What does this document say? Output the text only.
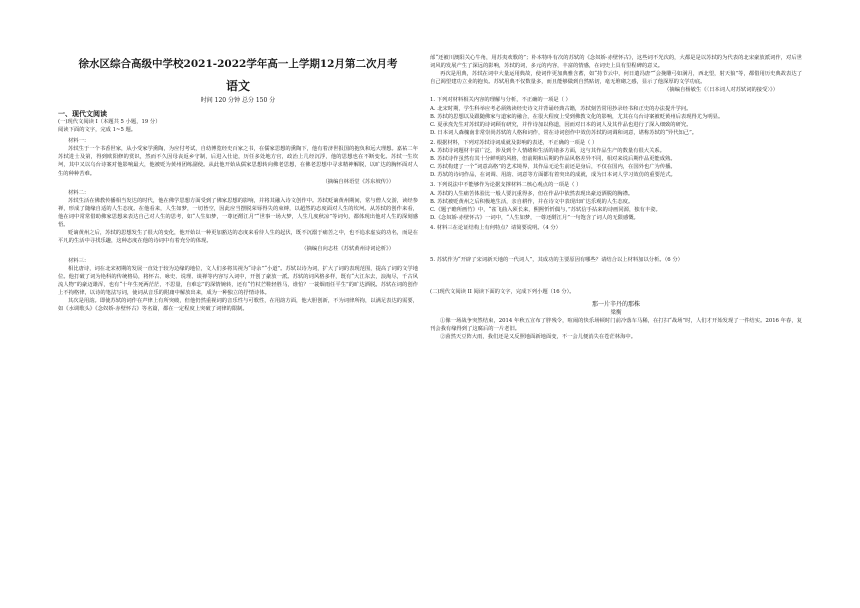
徐水区综合高级中学校2021-2022学年高一上学期12月第二次月考
语文
时间 120 分钟 总分 150 分
一、现代文阅读

(一)现代文阅读 I（本题共 5 小题，19 分）

阅读下面的文字，完成 1~5 题。

材料一：

苏轼生于一个书香世家，从小受家学熏陶，为应付考试，自幼博览经史百家之书，在儒家思想的熏陶下，他有着济世报国的抱负和远大理想。嘉祐二年苏轼进士及第，得到欧阳修的赏识，然而不久因母丧返乡守制，后进入仕途，历任多处地方官，政治上几经沉浮，他的思想也在不断变化。苏轼一生坎坷，其中又以乌台诗案对他影响最大，他被贬为黄州团练副使。从此他开始从儒家思想转向佛老思想，在佛老思想中寻求精神解脱，以旷达的胸怀面对人生的种种苦难。

（摘编自林语堂《苏东坡传》）

材料二：

苏轼生活在佛教传播相当发达的时代，他在佛学思想方面受到了佛家思想的影响，并将其融入诗文创作中。苏轼贬谪黄州期间，常与僧人交游，读经参禅，形成了随缘自适的人生态度。在他看来，人生如梦，一切皆空，因此应当摆脱荣辱得失的束缚，以超然的态度面对人生的坎坷。从苏轼的创作来看，他在词中常常借助佛家思想来表达自己对人生的思考，如“人生如梦，一尊还酹江月”“世事一场大梦，人生几度秋凉”等词句，都体现出他对人生的深刻感悟。

贬谪黄州之后，苏轼的思想发生了很大的变化，他开始以一种更加豁达的态度来看待人生的起伏，既不沉溺于痛苦之中，也不追求虚妄的功名，而是在平凡的生活中寻找乐趣，这种态度在他的诗词中有着充分的体现。

（摘编自向志柱《苏轼黄州诗词论析》）

材料三：

相比唐诗，词在北宋初期的发展一直处于较为边缘的地位，文人们多将其视为“诗余”“小道”。苏轼以诗为词，扩大了词的表现范围，提高了词的文学地位。他打破了词为艳科的传统格局，将怀古、咏史、说理、谈禅等内容写入词中，开创了豪放一派。苏轼的词风格多样，既有“大江东去，浪淘尽，千古风流人物”的豪迈雄浑，也有“十年生死两茫茫，不思量，自难忘”的深情婉转，还有“竹杖芒鞋轻胜马，谁怕？一蓑烟雨任平生”的旷达洒脱。苏轼在词的创作上不拘格律，以诗的笔法写词，使词从音乐的附庸中解放出来，成为一种独立的抒情诗体。

其次是用韵。即使苏轼的词作在声律上有所突破，但他仍然重视词的音乐性与可歌性，在用韵方面，他大胆创新，不为词律所拘，以满足表达的需要，如《水调歌头》《念奴娇·赤壁怀古》等名篇，都在一定程度上突破了词律的限制。

邰“还被川澳阳关心牛角，用苏夷欢歌的”；朴本特卟有次的苏轼的《念奴娇·赤壁怀古》，这些词不光次的，大都是是以苏轼的为代表的北宋豪放派词作，对后世词风的发展产生了深远的影响，苏轼的词，多元的内容，丰富的情感，在词史上具有里程碑的意义。

再次是用典，苏轼在词中大量运用典故，使词作更加典雅含蓄，如“持节云中，何日遣冯唐”“会挽雕弓如满月，西北望，射天狼”等，都借用历史典故表达了自己渴望建功立业的抱负。苏轼用典不仅数量多，而且能够做到自然贴切，毫无堆砌之感，显示了他深厚的文学功底。

（摘编自杨敏生《〈日本词人对苏轼词的接受〉》）

1. 下列对材料相关内容的理解与分析，不正确的一项是（ ）

A. 北宋时期，学生科举应考必须熟读经史诗文并背诵经典古籍，苏轼刻苦常用抄录经书和正史的办法提升学问。

B. 苏轼的思想以及跟随佛家与道家的融合，在很大程度上受到佛教文化的影响，尤其在乌台诗案被贬黄州后表现得尤为明显。

C. 夏承焘先生对苏轼的诗词顾有研究，并作诗加以称道，因而对日本的词人及其作品也进行了深入细致的研究。

D. 日本词人森槐南非常崇尚苏轼的人格和词作，常在诗词创作中效仿苏轼的词调和词意，堪称苏轼的“异代知己”。

2. 根据材料，下列对苏轼诗词成就及影响的表述，不正确的一项是（ ）

A. 苏轼诗词题材丰富广泛，涉及到个人情绪和生活的诸多方面，这与其作品生产的数量有很大关系。

B. 苏轼诗作虽然有其十分鲜明的风格，但前期和后期的作品风格差异不同，相对来说后期作品更能成熟。

C. 苏轼构建了一个“词意高格”的艺术境界，其作品无论生前还是身后，不仅在国内，在国外也广为传播。

D. 苏轼的诗词作品，在词调、用韵、词意等方面都有着突出的成就，成为日本词人学习效仿的重要范式。

3. 下列说法中不能够作为论据支撑材料二核心观点的一项是（ ）

A. 苏轼的人生痛苦体验比一般人要沉重得多，但在作品中依然表现出豪迈洒脱的胸襟。

B. 苏轼被贬黄州之后积极地生活，亲自耕作，并在诗文中表现出旷达乐观的人生态度。

C.《题子瞻所画竹》中，“雀飞曲入须长来，熙熙忻忻偶与，”苏轼信手拈来的诗画同源，独有丰姿。

D.《念奴娇·赤壁怀古》一词中，“人生如梦，一尊还酹江月”一句饱含了词人的无限感慨。

4. 材料三在论证结构上有何特点？请简要说明。（4 分）

5. 苏轼作为“开辟了宋词新天地的一代词人”，其成功的主要原因有哪些？请结合以上材料加以分析。（6 分）

(二)现代文阅读 II 阅读下面的文字，完成下列小题（16 分）。

那一片辛丹的那株
梁衡

①像一场战争突然结束，2014 年秋五宣布了胖残令，喧闹的快乐场顿时门前冷落车马稀，在打扫“战场”时，人们才开始发现了一件结实。2016 年春，复刊会我有缘得到了这腐后的一片老旧。

②茵然天豆阵大雨，我们还是又反照地面新地面变，不一会儿便消失在苍茫林海中。
